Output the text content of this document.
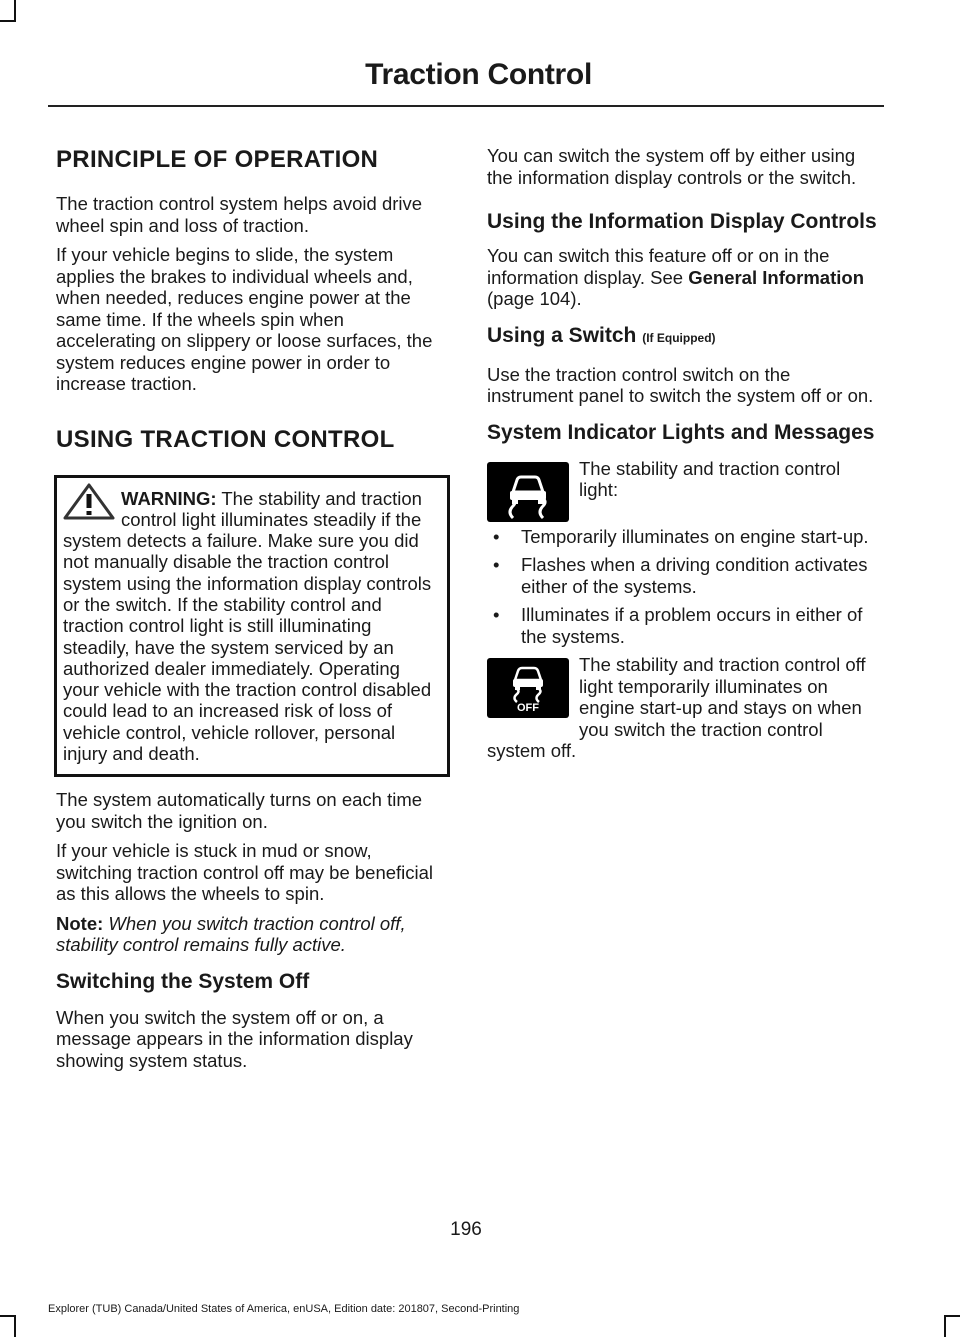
Traction Control
PRINCIPLE OF OPERATION

The traction control system helps avoid drive wheel spin and loss of traction.

If your vehicle begins to slide, the system applies the brakes to individual wheels and, when needed, reduces engine power at the same time. If the wheels spin when accelerating on slippery or loose surfaces, the system reduces engine power in order to increase traction.

USING TRACTION CONTROL

WARNING: The stability and traction control light illuminates steadily if the system detects a failure. Make sure you did not manually disable the traction control system using the information display controls or the switch. If the stability control and traction control light is still illuminating steadily, have the system serviced by an authorized dealer immediately. Operating your vehicle with the traction control disabled could lead to an increased risk of loss of vehicle control, vehicle rollover, personal injury and death.

The system automatically turns on each time you switch the ignition on.

If your vehicle is stuck in mud or snow, switching traction control off may be beneficial as this allows the wheels to spin.

Note: When you switch traction control off, stability control remains fully active.

Switching the System Off

When you switch the system off or on, a message appears in the information display showing system status.

You can switch the system off by either using the information display controls or the switch.

Using the Information Display Controls

You can switch this feature off or on in the information display. See General Information (page 104).

Using a Switch (If Equipped)

Use the traction control switch on the instrument panel to switch the system off or on.

System Indicator Lights and Messages

The stability and traction control light:

• Temporarily illuminates on engine start-up.
• Flashes when a driving condition activates either of the systems.
• Illuminates if a problem occurs in either of the systems.
OFF

The stability and traction control off light temporarily illuminates on engine start-up and stays on when you switch the traction control system off.

196
Explorer (TUB) Canada/United States of America, enUSA, Edition date: 201807, Second-Printing
